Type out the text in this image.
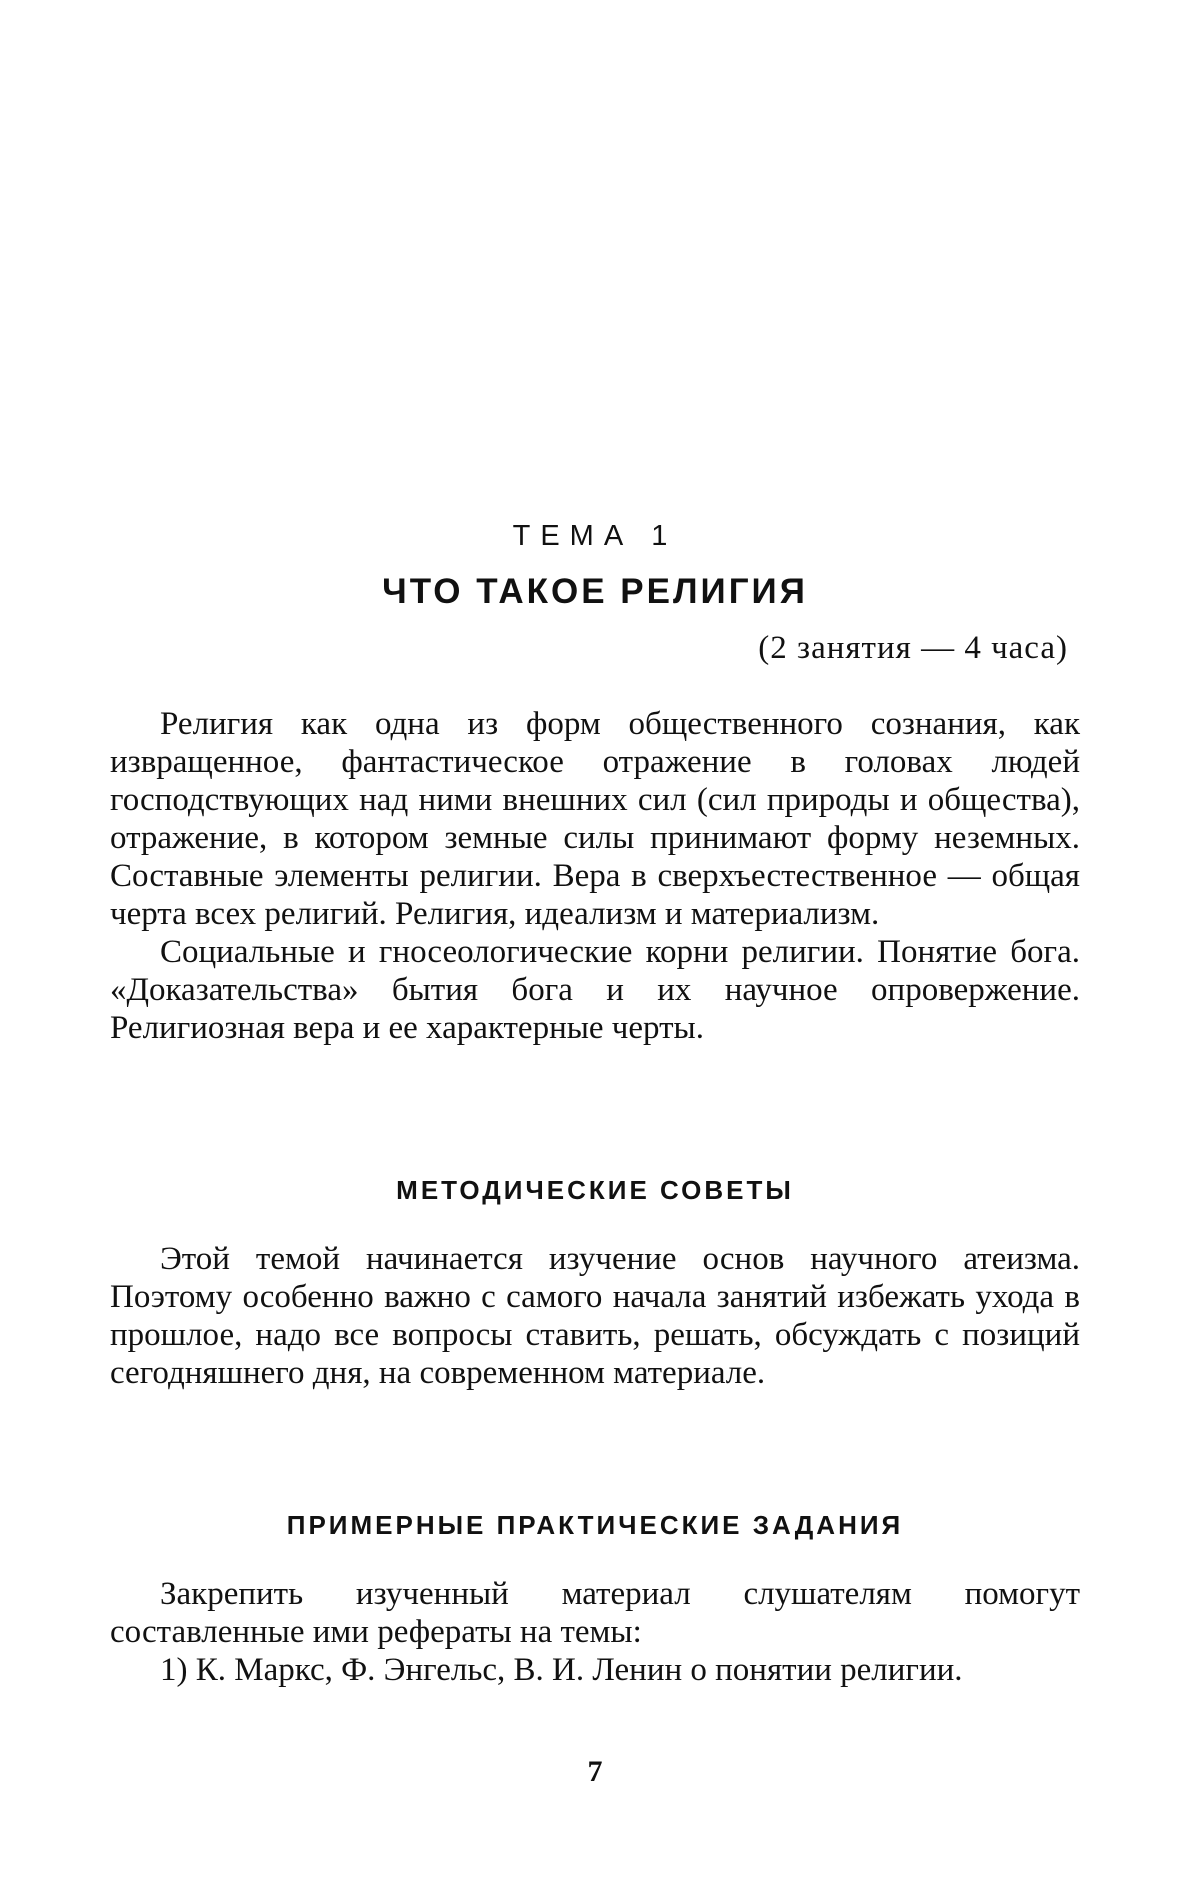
ТЕМА 1
ЧТО ТАКОЕ РЕЛИГИЯ
(2 занятия — 4 часа)

Религия как одна из форм общественного сознания, как извращенное, фантастическое отражение в головах людей господствующих над ними внешних сил (сил природы и общества), отражение, в котором земные силы принимают форму неземных. Составные элементы религии. Вера в сверхъестественное — общая черта всех религий. Религия, идеализм и материализм.

Социальные и гносеологические корни религии. Понятие бога. «Доказательства» бытия бога и их научное опровержение. Религиозная вера и ее характерные черты.

МЕТОДИЧЕСКИЕ СОВЕТЫ

Этой темой начинается изучение основ научного атеизма. Поэтому особенно важно с самого начала занятий избежать ухода в прошлое, надо все вопросы ставить, решать, обсуждать с позиций сегодняшнего дня, на современном материале.

ПРИМЕРНЫЕ ПРАКТИЧЕСКИЕ ЗАДАНИЯ

Закрепить изученный материал слушателям помогут составленные ими рефераты на темы:

1) К. Маркс, Ф. Энгельс, В. И. Ленин о понятии религии.

7
